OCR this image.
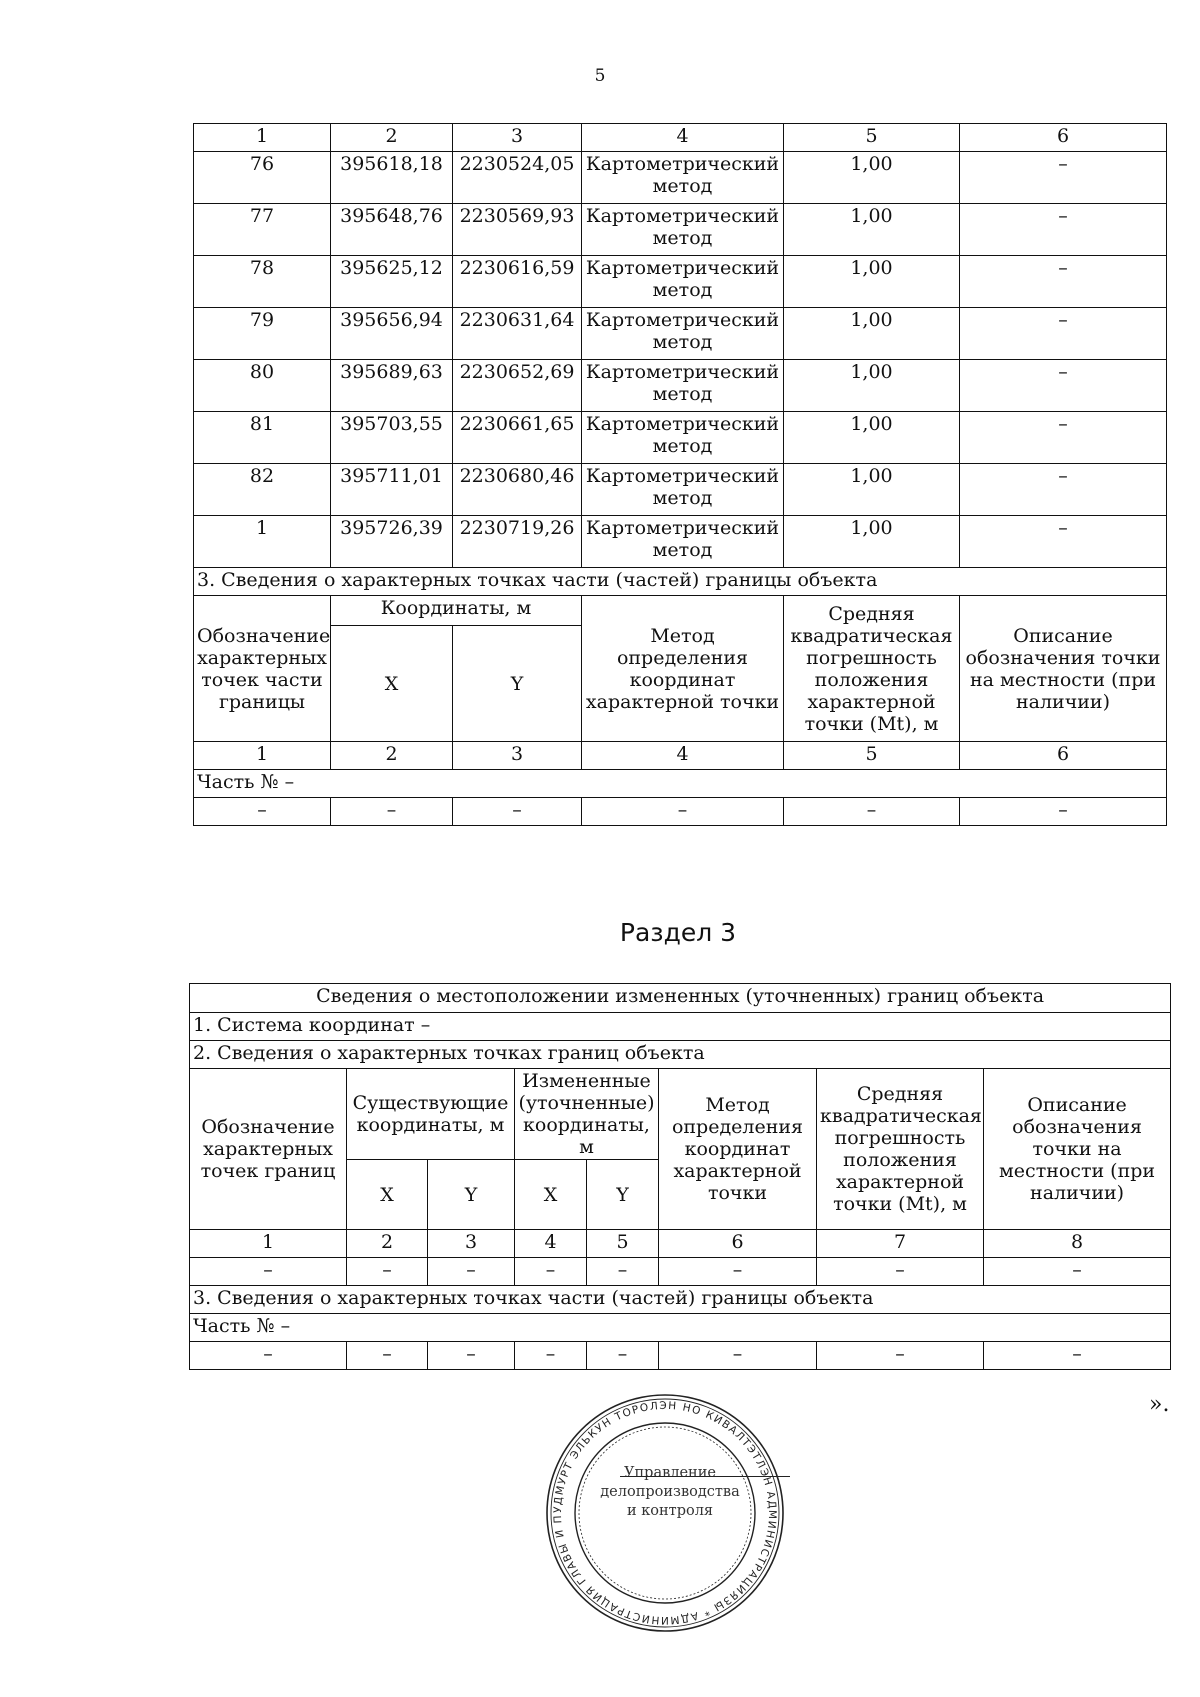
5
1	2	3	4	5	6
76	395618,18	2230524,05	Картометрический метод	1,00	–
77	395648,76	2230569,93	Картометрический метод	1,00	–
78	395625,12	2230616,59	Картометрический метод	1,00	–
79	395656,94	2230631,64	Картометрический метод	1,00	–
80	395689,63	2230652,69	Картометрический метод	1,00	–
81	395703,55	2230661,65	Картометрический метод	1,00	–
82	395711,01	2230680,46	Картометрический метод	1,00	–
1	395726,39	2230719,26	Картометрический метод	1,00	–
3. Сведения о характерных точках части (частей) границы объекта					
Обозначение характерных точек части границы	Координаты, м		Метод определения координат характерной точки	Средняя квадратическая погрешность положения характерной точки (Mt), м	Описание обозначения точки на местности (при наличии)
	X	Y			
1	2	3	4	5	6
Часть № –					
–	–	–	–	–	–
Раздел 3
Сведения о местоположении измененных (уточненных) границ объекта							
1. Система координат –							
2. Сведения о характерных точках границ объекта							
Обозначение характерных точек границ	Существующие координаты, м		Измененные (уточненные) координаты, м		Метод определения координат характерной точки	Средняя квадратическая погрешность положения характерной точки (Mt), м	Описание обозначения точки на местности (при наличии)
	X	Y	X	Y			
1	2	3	4	5	6	7	8
–	–	–	–	–	–	–	–
3. Сведения о характерных точках части (частей) границы объекта							
Часть № –							
–	–	–	–	–	–	–	–
».
УДМУРТ ЭЛЬКУН ТОРОЛЭН НО КИВАЛТЭТЛЭН АДМИНИСТРАЦИЯЗЫ * АДМИНИСТРАЦИЯ ГЛАВЫ И П
Управление
делопроизводства
и контроля
